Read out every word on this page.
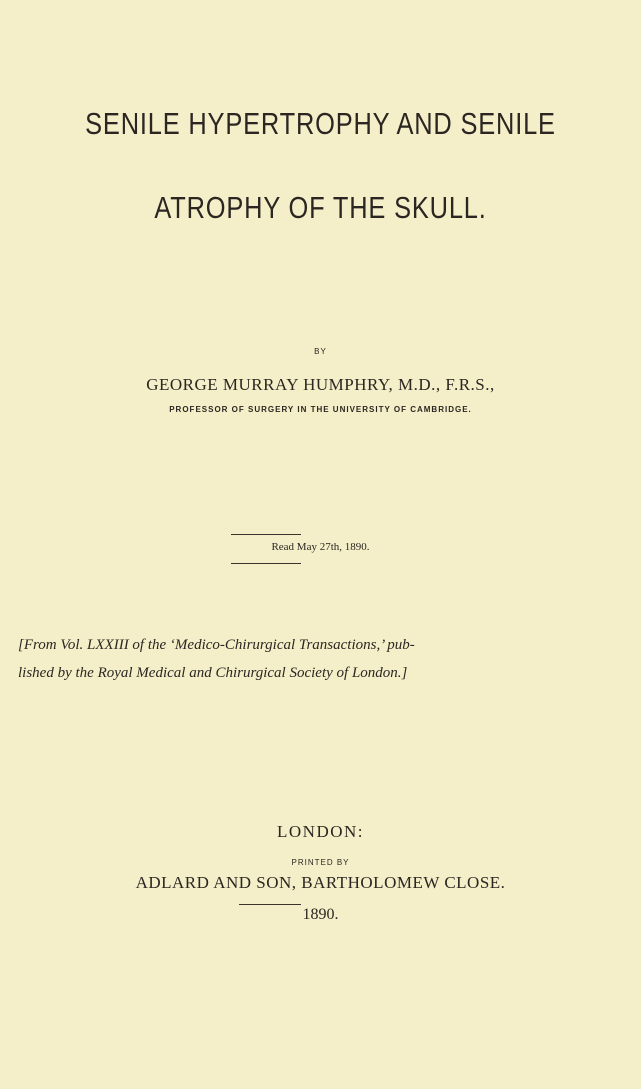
SENILE HYPERTROPHY AND SENILE
ATROPHY OF THE SKULL.
BY
GEORGE MURRAY HUMPHRY, M.D., F.R.S.,
PROFESSOR OF SURGERY IN THE UNIVERSITY OF CAMBRIDGE.
Read May 27th, 1890.
[From Vol. LXXIII of the ‘Medico-Chirurgical Transactions,’ pub-
lished by the Royal Medical and Chirurgical Society of London.]
LONDON:
PRINTED BY
ADLARD AND SON, BARTHOLOMEW CLOSE.
1890.
